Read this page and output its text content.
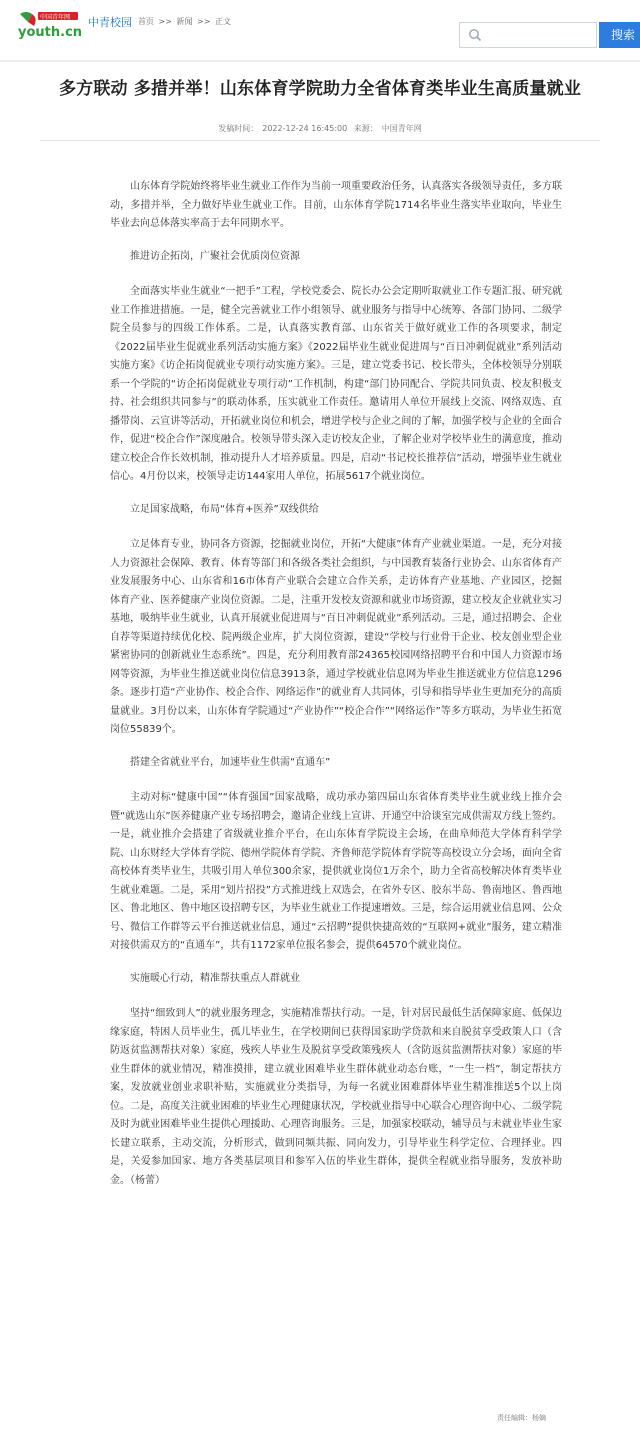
中国青年网
youth.cn
中青校园 首页 >> 新闻 >> 正文
搜索
多方联动 多措并举！山东体育学院助力全省体育类毕业生高质量就业
发稿时间： 2022-12-24 16:45:00 来源： 中国青年网

山东体育学院始终将毕业生就业工作作为当前一项重要政治任务，认真落实各级领导责任，多方联动，多措并举，全力做好毕业生就业工作。目前，山东体育学院1714名毕业生落实毕业取向，毕业生毕业去向总体落实率高于去年同期水平。

推进访企拓岗，广聚社会优质岗位资源

全面落实毕业生就业“一把手”工程，学校党委会、院长办公会定期听取就业工作专题汇报、研究就业工作推进措施。一是，健全完善就业工作小组领导、就业服务与指导中心统筹、各部门协同、二级学院全员参与的四级工作体系。二是，认真落实教育部、山东省关于做好就业工作的各项要求，制定《2022届毕业生促就业系列活动实施方案》《2022届毕业生就业促进周与“百日冲刺促就业”系列活动实施方案》《访企拓岗促就业专项行动实施方案》。三是，建立党委书记、校长带头，全体校领导分别联系一个学院的“访企拓岗促就业专项行动”工作机制，构建“部门协同配合、学院共同负责、校友积极支持、社会组织共同参与”的联动体系，压实就业工作责任。邀请用人单位开展线上交流、网络双选、直播带岗、云宣讲等活动，开拓就业岗位和机会，增进学校与企业之间的了解，加强学校与企业的全面合作，促进“校企合作”深度融合。校领导带头深入走访校友企业，了解企业对学校毕业生的满意度，推动建立校企合作长效机制，推动提升人才培养质量。四是，启动“书记校长推荐信”活动，增强毕业生就业信心。4月份以来，校领导走访144家用人单位，拓展5617个就业岗位。

立足国家战略，布局“体育+医养”双线供给

立足体育专业，协同各方资源，挖掘就业岗位，开拓“大健康”体育产业就业渠道。一是，充分对接人力资源社会保障、教育、体育等部门和各级各类社会组织，与中国教育装备行业协会、山东省体育产业发展服务中心、山东省和16市体育产业联合会建立合作关系，走访体育产业基地、产业园区，挖掘体育产业、医养健康产业岗位资源。二是，注重开发校友资源和就业市场资源，建立校友企业就业实习基地，吸纳毕业生就业，认真开展就业促进周与“百日冲刺促就业”系列活动。三是，通过招聘会、企业自荐等渠道持续优化校、院两级企业库，扩大岗位资源，建设“学校与行业骨干企业、校友创业型企业紧密协同的创新就业生态系统”。四是，充分利用教育部24365校园网络招聘平台和中国人力资源市场网等资源，为毕业生推送就业岗位信息3913条，通过学校就业信息网为毕业生推送就业方位信息1296条。逐步打造“产业协作、校企合作、网络运作”的就业育人共同体，引导和指导毕业生更加充分的高质量就业。3月份以来，山东体育学院通过“产业协作”“校企合作”“网络运作”等多方联动，为毕业生拓宽岗位55839个。

搭建全省就业平台，加速毕业生供需“直通车”

主动对标“健康中国”“体育强国”国家战略，成功承办第四届山东省体育类毕业生就业线上推介会暨“就选山东”医养健康产业专场招聘会，邀请企业线上宣讲、开通空中洽谈室完成供需双方线上签约。一是，就业推介会搭建了省级就业推介平台，在山东体育学院设主会场，在曲阜师范大学体育科学学院、山东财经大学体育学院、德州学院体育学院、齐鲁师范学院体育学院等高校设立分会场，面向全省高校体育类毕业生，共吸引用人单位300余家，提供就业岗位1万余个，助力全省高校解决体育类毕业生就业难题。二是，采用“划片招投”方式推进线上双选会，在省外专区、胶东半岛、鲁南地区、鲁西地区、鲁北地区、鲁中地区设招聘专区，为毕业生就业工作提速增效。三是，综合运用就业信息网、公众号、微信工作群等云平台推送就业信息，通过“云招聘”提供快捷高效的“互联网+就业”服务，建立精准对接供需双方的“直通车”，共有1172家单位报名参会，提供64570个就业岗位。

实施暖心行动，精准帮扶重点人群就业

坚持“细致到人”的就业服务理念，实施精准帮扶行动。一是，针对居民最低生活保障家庭、低保边缘家庭，特困人员毕业生，孤儿毕业生，在学校期间已获得国家助学贷款和来自脱贫享受政策人口（含防返贫监测帮扶对象）家庭，残疾人毕业生及脱贫享受政策残疾人（含防返贫监测帮扶对象）家庭的毕业生群体的就业情况，精准摸排，建立就业困难毕业生群体就业动态台账，“一生一档”，制定帮扶方案，发放就业创业求职补贴，实施就业分类指导，为每一名就业困难群体毕业生精准推送5个以上岗位。二是，高度关注就业困难的毕业生心理健康状况，学校就业指导中心联合心理咨询中心、二级学院及时为就业困难毕业生提供心理援助、心理咨询服务。三是，加强家校联动，辅导员与未就业毕业生家长建立联系，主动交流，分析形式，做到同频共振、同向发力，引导毕业生科学定位、合理择业。四是，关爱参加国家、地方各类基层项目和参军入伍的毕业生群体，提供全程就业指导服务，发放补助金。（杨蕾）

责任编辑：杨嫡
